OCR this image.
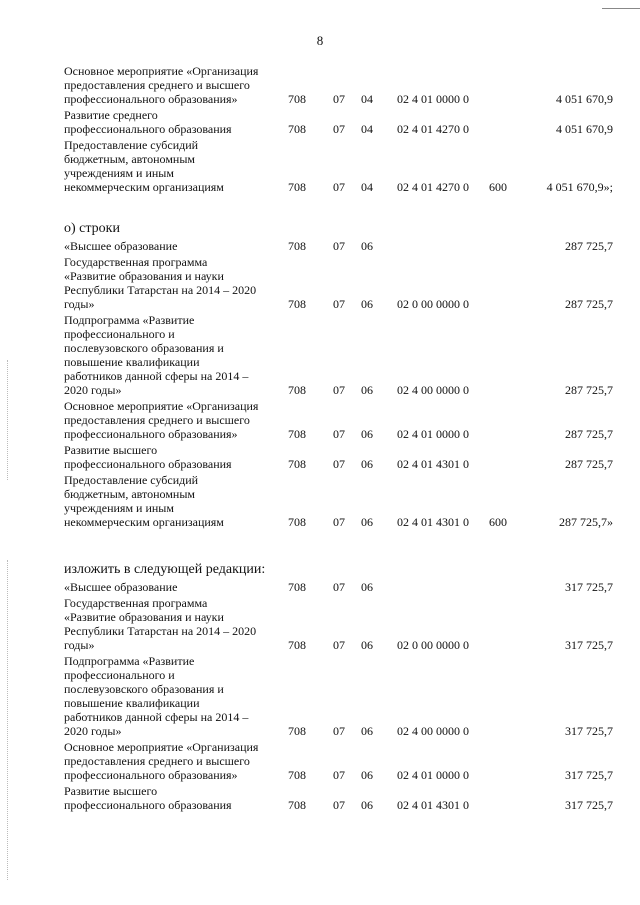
8
Основное мероприятие «Организация
предоставления среднего и высшего
профессионального образования»	708 07 04 02 4 01 0000 0	4 051 670,9
Развитие среднего
профессионального образования	708 07 04 02 4 01 4270 0	4 051 670,9
Предоставление субсидий
бюджетным, автономным
учреждениям и иным
некоммерческим организациям	708 07 04 02 4 01 4270 0 600	4 051 670,9»;
о) строки
«Высшее образование	708 07 06	287 725,7
Государственная программа
«Развитие образования и науки
Республики Татарстан на 2014 – 2020
годы»	708 07 06 02 0 00 0000 0	287 725,7
Подпрограмма «Развитие
профессионального и
послевузовского образования и
повышение квалификации
работников данной сферы на 2014 –
2020 годы»	708 07 06 02 4 00 0000 0	287 725,7
Основное мероприятие «Организация
предоставления среднего и высшего
профессионального образования»	708 07 06 02 4 01 0000 0	287 725,7
Развитие высшего
профессионального образования	708 07 06 02 4 01 4301 0	287 725,7
Предоставление субсидий
бюджетным, автономным
учреждениям и иным
некоммерческим организациям	708 07 06 02 4 01 4301 0 600	287 725,7»
изложить в следующей редакции:
«Высшее образование	708 07 06	317 725,7
Государственная программа
«Развитие образования и науки
Республики Татарстан на 2014 – 2020
годы»	708 07 06 02 0 00 0000 0	317 725,7
Подпрограмма «Развитие
профессионального и
послевузовского образования и
повышение квалификации
работников данной сферы на 2014 –
2020 годы»	708 07 06 02 4 00 0000 0	317 725,7
Основное мероприятие «Организация
предоставления среднего и высшего
профессионального образования»	708 07 06 02 4 01 0000 0	317 725,7
Развитие высшего
профессионального образования	708 07 06 02 4 01 4301 0	317 725,7
